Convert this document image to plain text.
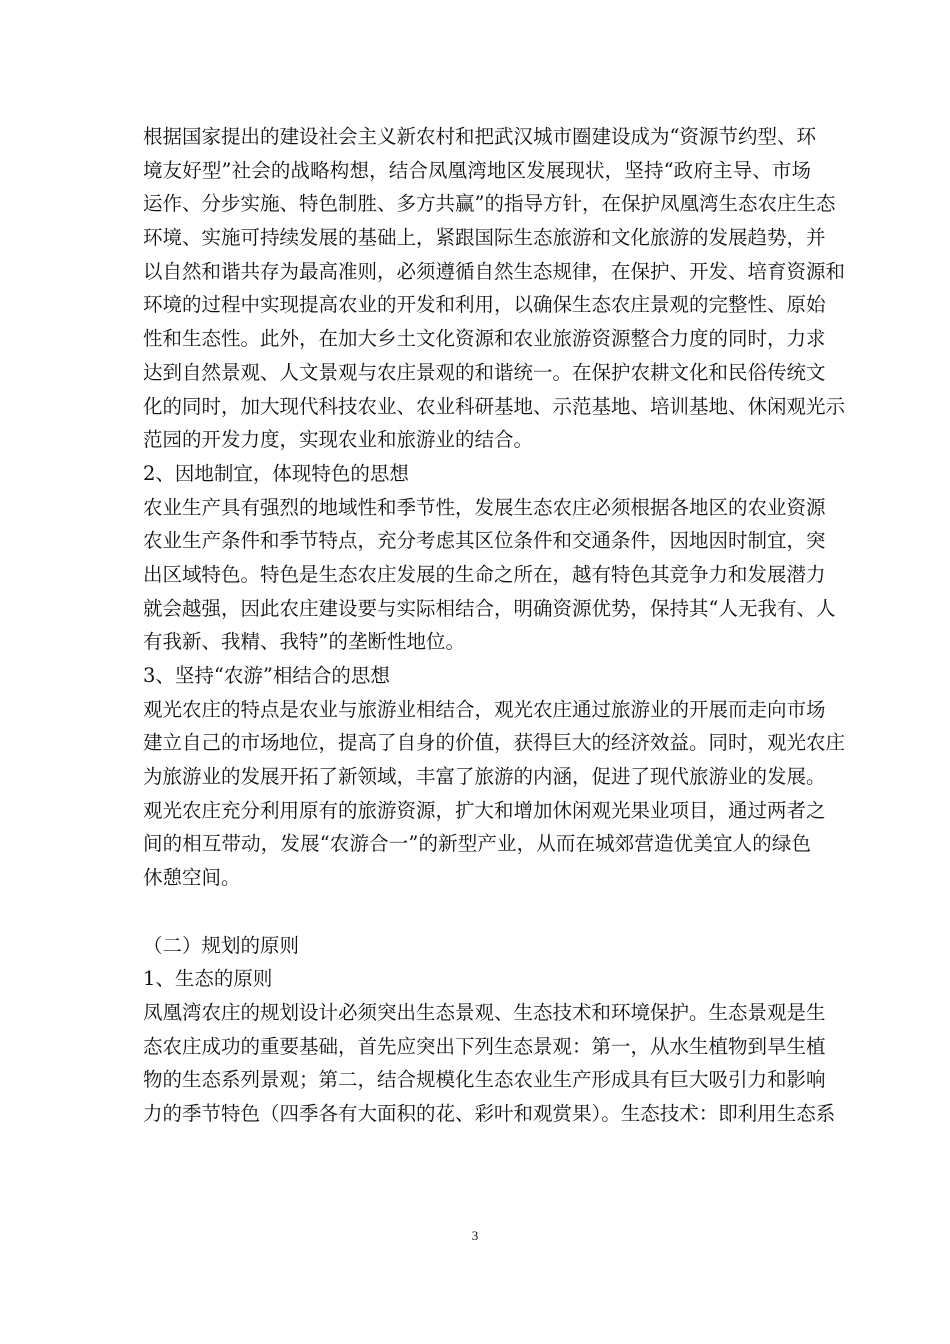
根据国家提出的建设社会主义新农村和把武汉城市圈建设成为“资源节约型、环
境友好型”社会的战略构想，结合凤凰湾地区发展现状，坚持“政府主导、市场
运作、分步实施、特色制胜、多方共赢”的指导方针，在保护凤凰湾生态农庄生态
环境、实施可持续发展的基础上，紧跟国际生态旅游和文化旅游的发展趋势，并
以自然和谐共存为最高准则，必须遵循自然生态规律，在保护、开发、培育资源和
环境的过程中实现提高农业的开发和利用，以确保生态农庄景观的完整性、原始
性和生态性。此外，在加大乡土文化资源和农业旅游资源整合力度的同时，力求
达到自然景观、人文景观与农庄景观的和谐统一。在保护农耕文化和民俗传统文
化的同时，加大现代科技农业、农业科研基地、示范基地、培训基地、休闲观光示
范园的开发力度，实现农业和旅游业的结合。
2、因地制宜，体现特色的思想
农业生产具有强烈的地域性和季节性，发展生态农庄必须根据各地区的农业资源
农业生产条件和季节特点，充分考虑其区位条件和交通条件，因地因时制宜，突
出区域特色。特色是生态农庄发展的生命之所在，越有特色其竞争力和发展潜力
就会越强，因此农庄建设要与实际相结合，明确资源优势，保持其“人无我有、人
有我新、我精、我特”的垄断性地位。
3、坚持“农游”相结合的思想
观光农庄的特点是农业与旅游业相结合，观光农庄通过旅游业的开展而走向市场
建立自己的市场地位，提高了自身的价值，获得巨大的经济效益。同时，观光农庄
为旅游业的发展开拓了新领域，丰富了旅游的内涵，促进了现代旅游业的发展。
观光农庄充分利用原有的旅游资源，扩大和增加休闲观光果业项目，通过两者之
间的相互带动，发展“农游合一”的新型产业，从而在城郊营造优美宜人的绿色
休憩空间。
（二）规划的原则
1、生态的原则
凤凰湾农庄的规划设计必须突出生态景观、生态技术和环境保护。生态景观是生
态农庄成功的重要基础，首先应突出下列生态景观：第一，从水生植物到旱生植
物的生态系列景观；第二，结合规模化生态农业生产形成具有巨大吸引力和影响
力的季节特色（四季各有大面积的花、彩叶和观赏果）。生态技术：即利用生态系
3
